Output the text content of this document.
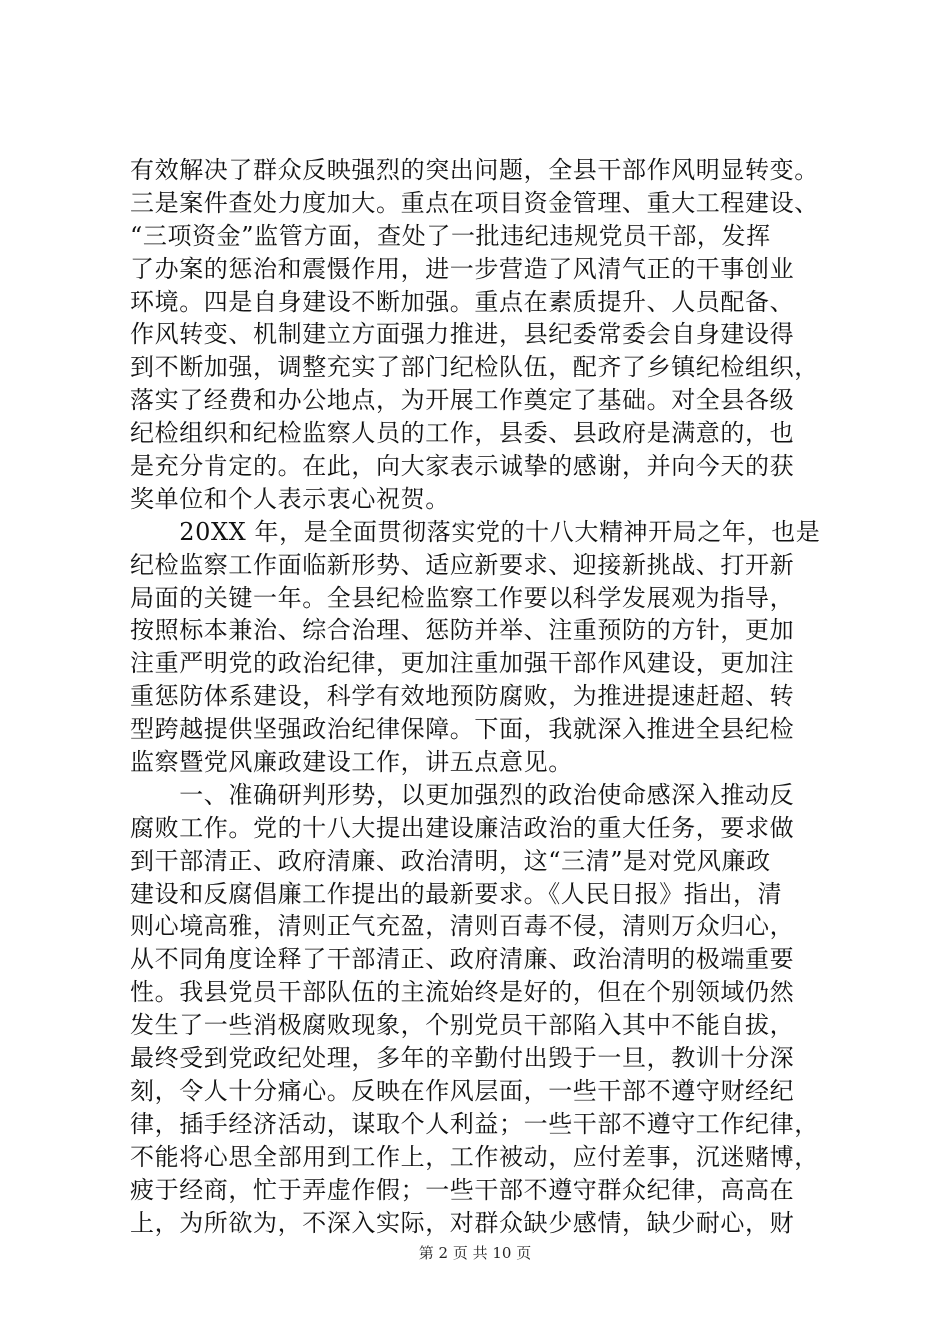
有效解决了群众反映强烈的突出问题，全县干部作风明显转变。
三是案件查处力度加大。重点在项目资金管理、重大工程建设、
“三项资金”监管方面，查处了一批违纪违规党员干部，发挥
了办案的惩治和震慑作用，进一步营造了风清气正的干事创业
环境。四是自身建设不断加强。重点在素质提升、人员配备、
作风转变、机制建立方面强力推进，县纪委常委会自身建设得
到不断加强，调整充实了部门纪检队伍，配齐了乡镇纪检组织，
落实了经费和办公地点，为开展工作奠定了基础。对全县各级
纪检组织和纪检监察人员的工作，县委、县政府是满意的，也
是充分肯定的。在此，向大家表示诚挚的感谢，并向今天的获
奖单位和个人表示衷心祝贺。
　　20XX 年，是全面贯彻落实党的十八大精神开局之年，也是
纪检监察工作面临新形势、适应新要求、迎接新挑战、打开新
局面的关键一年。全县纪检监察工作要以科学发展观为指导，
按照标本兼治、综合治理、惩防并举、注重预防的方针，更加
注重严明党的政治纪律，更加注重加强干部作风建设，更加注
重惩防体系建设，科学有效地预防腐败，为推进提速赶超、转
型跨越提供坚强政治纪律保障。下面，我就深入推进全县纪检
监察暨党风廉政建设工作，讲五点意见。
　　一、准确研判形势，以更加强烈的政治使命感深入推动反
腐败工作。党的十八大提出建设廉洁政治的重大任务，要求做
到干部清正、政府清廉、政治清明，这“三清”是对党风廉政
建设和反腐倡廉工作提出的最新要求。《人民日报》指出，清
则心境高雅，清则正气充盈，清则百毒不侵，清则万众归心，
从不同角度诠释了干部清正、政府清廉、政治清明的极端重要
性。我县党员干部队伍的主流始终是好的，但在个别领域仍然
发生了一些消极腐败现象，个别党员干部陷入其中不能自拔，
最终受到党政纪处理，多年的辛勤付出毁于一旦，教训十分深
刻，令人十分痛心。反映在作风层面，一些干部不遵守财经纪
律，插手经济活动，谋取个人利益；一些干部不遵守工作纪律，
不能将心思全部用到工作上，工作被动，应付差事，沉迷赌博，
疲于经商，忙于弄虚作假；一些干部不遵守群众纪律，高高在
上，为所欲为，不深入实际，对群众缺少感情，缺少耐心，财
第 2 页 共 10 页
